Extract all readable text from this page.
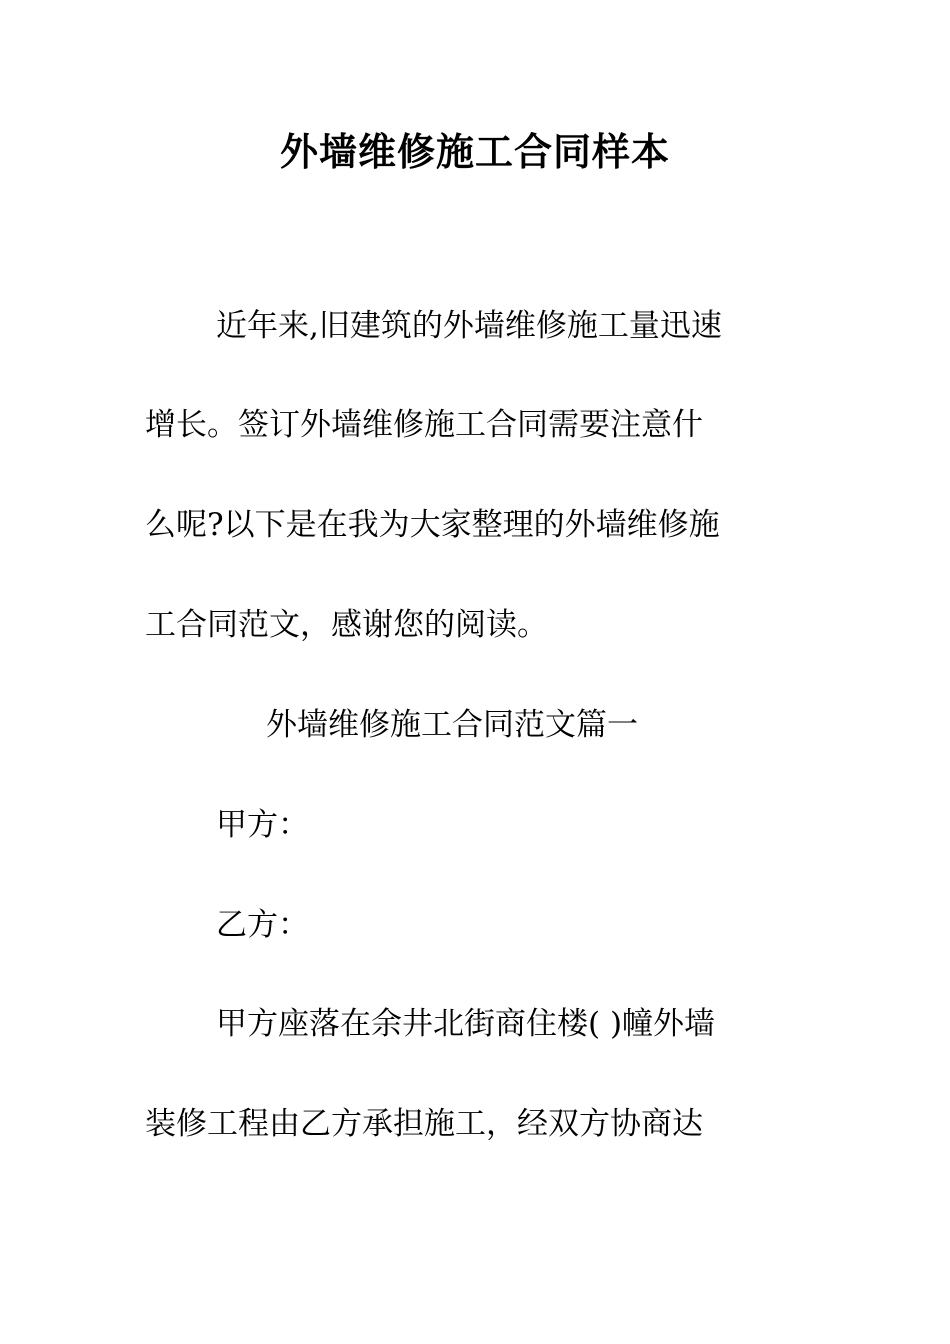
外墙维修施工合同样本
近年来,旧建筑的外墙维修施工量迅速
增长。签订外墙维修施工合同需要注意什
么呢?以下是在我为大家整理的外墙维修施
工合同范文，感谢您的阅读。
外墙维修施工合同范文篇一
甲方：
乙方：
甲方座落在余井北街商住楼( )幢外墙
装修工程由乙方承担施工，经双方协商达
